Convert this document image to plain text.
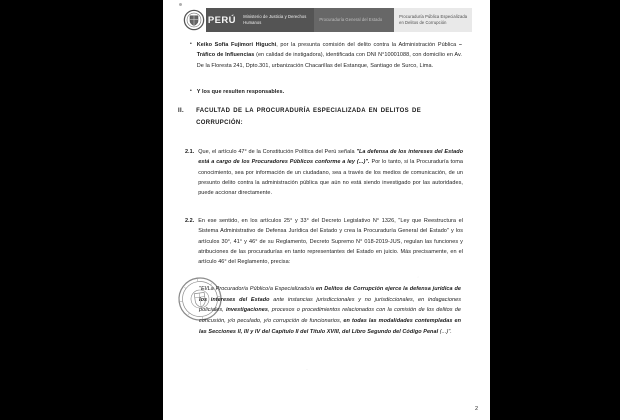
PERÚ	Ministerio de Justicia y Derechos Humanos
Procuraduría General del Estado
Procuraduría Pública Especializada en Delitos de Corrupción
• Keiko Sofía Fujimori Higuchi, por la presunta comisión del delito contra la Administración Pública –Tráfico de Influencias (en calidad de instigadora), identificada con DNI N°10001088, con domicilio en Av. De la Floresta 241, Dpto.301, urbanización Chacarillas del Estanque, Santiago de Surco, Lima.
• Y los que resulten responsables.
II. FACULTAD DE LA PROCURADURÍA ESPECIALIZADA EN DELITOS DE CORRUPCIÓN:
2.1. Que, el artículo 47° de la Constitución Política del Perú señala "La defensa de los intereses del Estado está a cargo de los Procuradores Públicos conforme a ley (...)". Por lo tanto, si la Procuraduría toma conocimiento, sea por información de un ciudadano, sea a través de los medios de comunicación, de un presunto delito contra la administración pública que aún no está siendo investigado por las autoridades, puede accionar directamente.
2.2. En ese sentido, en los artículos 25° y 33° del Decreto Legislativo N° 1326, "Ley que Reestructura el Sistema Administrativo de Defensa Jurídica del Estado y crea la Procuraduría General del Estado" y los artículos 30°, 41° y 46° de su Reglamento, Decreto Supremo N° 018-2019-JUS, regulan las funciones y atribuciones de las procuradurías en tanto representantes del Estado en juicio. Más precisamente, en el artículo 46° del Reglamento, precisa:
"El/La Procurador/a Público/a Especializado/a en Delitos de Corrupción ejerce la defensa jurídica de los intereses del Estado ante instancias jurisdiccionales y no jurisdiccionales, en indagaciones policiales, investigaciones, procesos o procedimientos relacionados con la comisión de los delitos de concusión, y/o peculado, y/o corrupción de funcionarios, en todas las modalidades contempladas en las Secciones II, III y IV del Capítulo II del Título XVIII, del Libro Segundo del Código Penal (...)".
2
